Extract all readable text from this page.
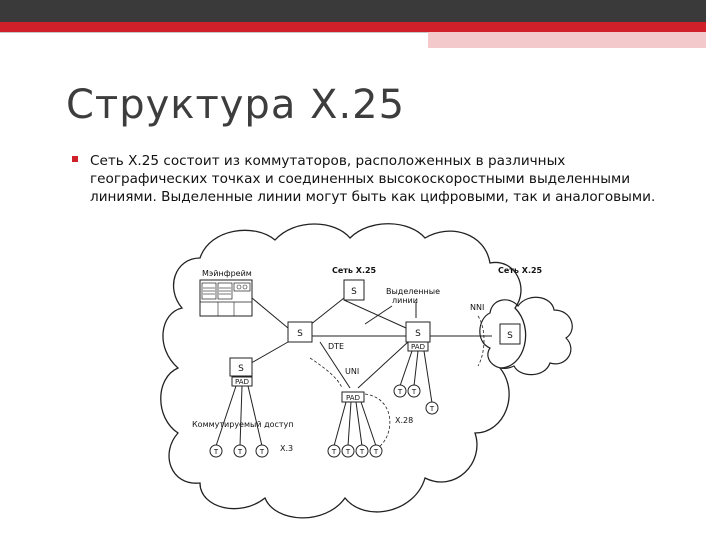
Структура Х.25

Сеть Х.25 состоит из коммутаторов, расположенных в различных географических точках и соединенных высокоскоростными выделенными линиями. Выделенные линии могут быть как цифровыми, так и аналоговыми.

Сеть Х.25	Сеть Х.25
Мэйнфрейм
S
S	S	S
S
PAD
PAD
PAD
Выделенные
линии
NNI
DTE
UNI
X.28
X.3
Коммутируемый доступ
T	T	T	T T T T
T T
T
